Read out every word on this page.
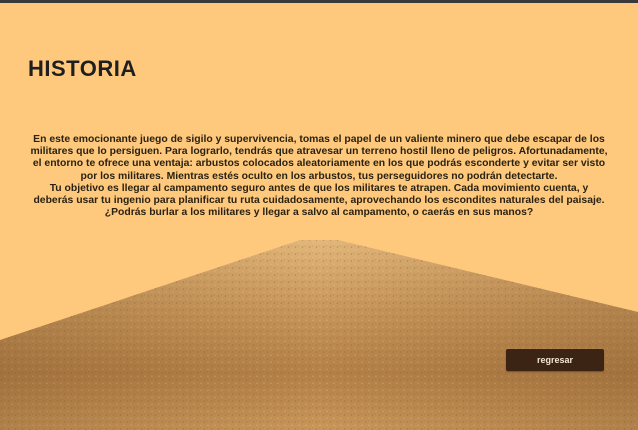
HISTORIA

En este emocionante juego de sigilo y supervivencia, tomas el papel de un valiente minero que debe escapar de los militares que lo persiguen. Para lograrlo, tendrás que atravesar un terreno hostil lleno de peligros. Afortunadamente, el entorno te ofrece una ventaja: arbustos colocados aleatoriamente en los que podrás esconderte y evitar ser visto por los militares. Mientras estés oculto en los arbustos, tus perseguidores no podrán detectarte.

Tu objetivo es llegar al campamento seguro antes de que los militares te atrapen. Cada movimiento cuenta, y deberás usar tu ingenio para planificar tu ruta cuidadosamente, aprovechando los escondites naturales del paisaje. ¿Podrás burlar a los militares y llegar a salvo al campamento, o caerás en sus manos?

regresar
